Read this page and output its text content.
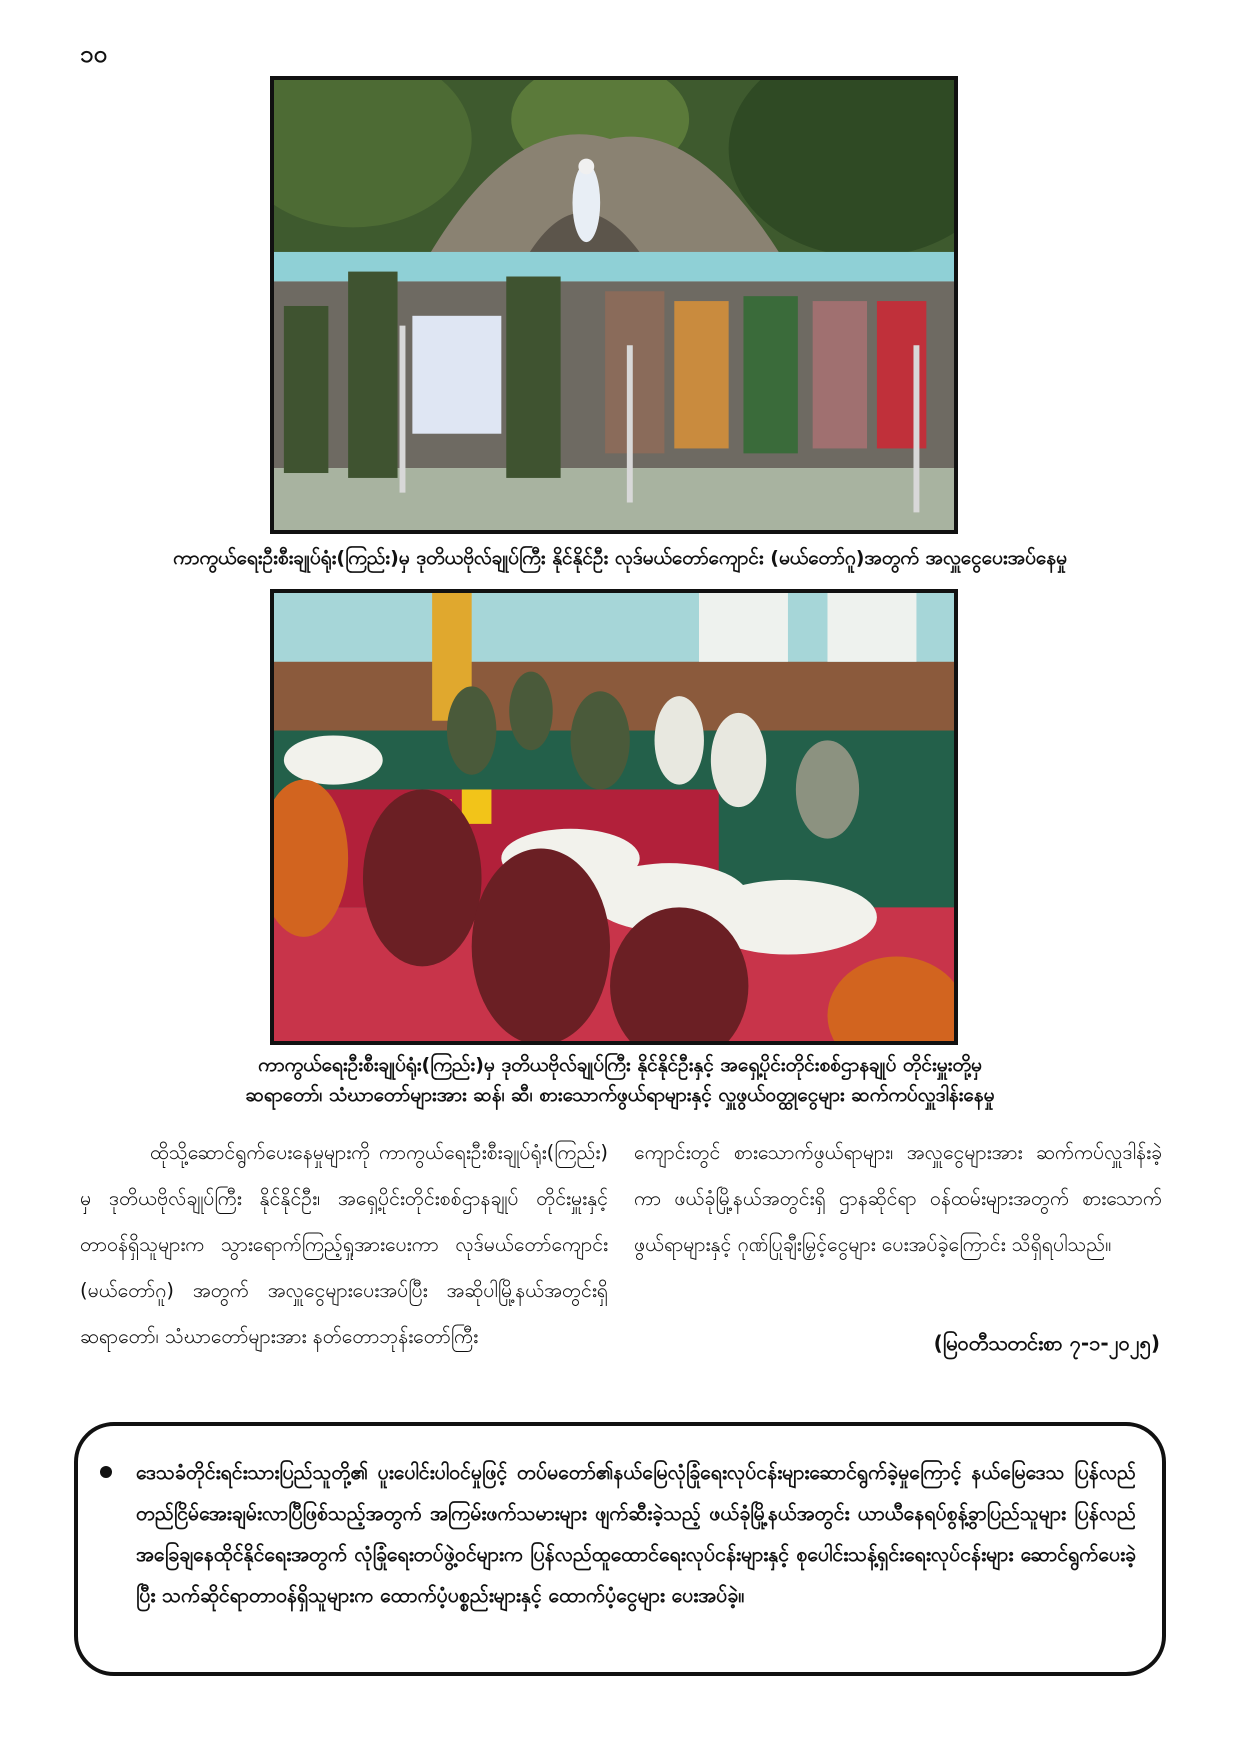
၁၀
ကာကွယ်ရေးဦးစီးချုပ်ရုံး(ကြည်း)မှ ဒုတိယဗိုလ်ချုပ်ကြီး နိုင်နိုင်ဦး လုဒ်မယ်တော်ကျောင်း (မယ်တော်ဂူ)အတွက် အလှူငွေပေးအပ်နေမှု
ကာကွယ်ရေးဦးစီးချုပ်ရုံး(ကြည်း)မှ ဒုတိယဗိုလ်ချုပ်ကြီး နိုင်နိုင်ဦးနှင့် အရှေ့ပိုင်းတိုင်းစစ်ဌာနချုပ် တိုင်းမှူးတို့မှ
ဆရာတော်၊ သံဃာတော်များအား ဆန်၊ ဆီ၊ စားသောက်ဖွယ်ရာများနှင့် လှူဖွယ်ဝတ္ထုငွေများ ဆက်ကပ်လှူဒါန်းနေမှု
ထိုသို့ဆောင်ရွက်ပေးနေမှုများကို ကာကွယ်ရေးဦးစီးချုပ်ရုံး(ကြည်း) မှ ဒုတိယဗိုလ်ချုပ်ကြီး နိုင်နိုင်ဦး၊ အရှေ့ပိုင်းတိုင်းစစ်ဌာနချုပ် တိုင်းမှူးနှင့် တာဝန်ရှိသူများက သွားရောက်ကြည့်ရှုအားပေးကာ လုဒ်မယ်တော်ကျောင်း (မယ်တော်ဂူ) အတွက် အလှူငွေများပေးအပ်ပြီး အဆိုပါမြို့နယ်အတွင်းရှိ ဆရာတော်၊ သံဃာတော်များအား နတ်တောဘုန်းတော်ကြီး
ကျောင်းတွင် စားသောက်ဖွယ်ရာများ၊ အလှူငွေများအား ဆက်ကပ်လှူဒါန်းခဲ့ကာ ဖယ်ခုံမြို့နယ်အတွင်းရှိ ဌာနဆိုင်ရာ ဝန်ထမ်းများအတွက် စားသောက်ဖွယ်ရာများနှင့် ဂုဏ်ပြုချီးမြှင့်ငွေများ ပေးအပ်ခဲ့ကြောင်း သိရှိရပါသည်။
(မြဝတီသတင်းစာ ၇-၁-၂၀၂၅)
ဒေသခံတိုင်းရင်းသားပြည်သူတို့၏ ပူးပေါင်းပါဝင်မှုဖြင့် တပ်မတော်၏နယ်မြေလုံခြုံရေးလုပ်ငန်းများဆောင်ရွက်ခဲ့မှုကြောင့် နယ်မြေဒေသ ပြန်လည်တည်ငြိမ်အေးချမ်းလာပြီဖြစ်သည့်အတွက် အကြမ်းဖက်သမားများ ဖျက်ဆီးခဲ့သည့် ဖယ်ခုံမြို့နယ်အတွင်း ယာယီနေရပ်စွန့်ခွာပြည်သူများ ပြန်လည်အခြေချနေထိုင်နိုင်ရေးအတွက် လုံခြုံရေးတပ်ဖွဲ့ဝင်များက ပြန်လည်ထူထောင်ရေးလုပ်ငန်းများနှင့် စုပေါင်းသန့်ရှင်းရေးလုပ်ငန်းများ ဆောင်ရွက်ပေးခဲ့ပြီး သက်ဆိုင်ရာတာဝန်ရှိသူများက ထောက်ပံ့ပစ္စည်းများနှင့် ထောက်ပံ့ငွေများ ပေးအပ်ခဲ့။
